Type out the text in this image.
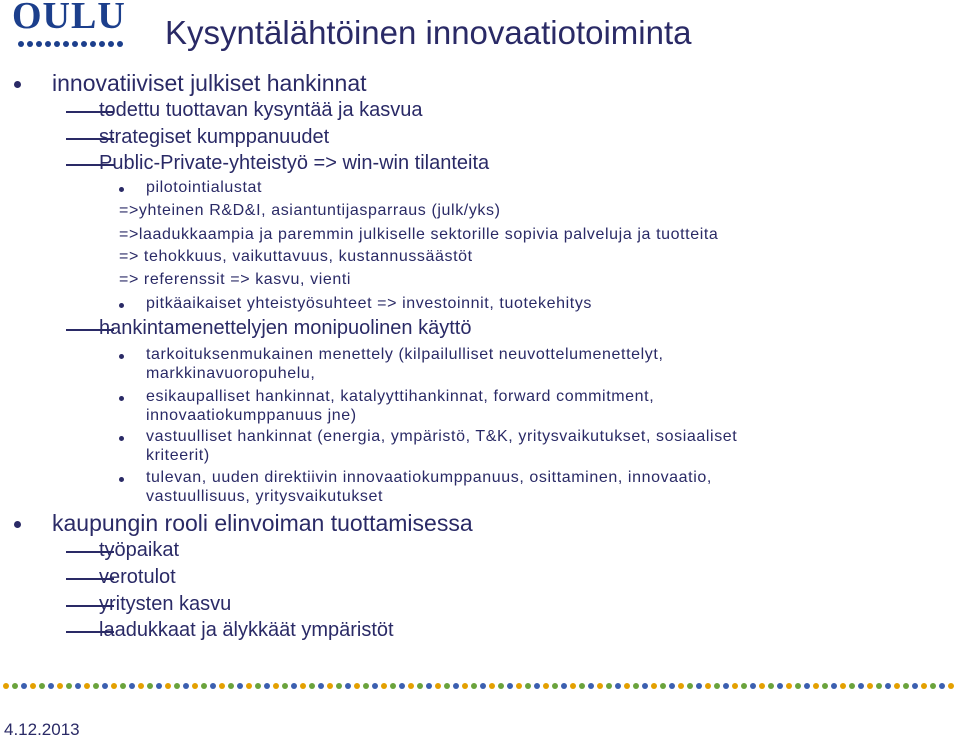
OULU Kysyntälähtöinen innovaatiotoiminta
innovatiiviset julkiset hankinnat
todettu tuottavan kysyntää ja kasvua
strategiset kumppanuudet
Public-Private-yhteistyö => win-win tilanteita
pilotointialustat
=>yhteinen R&D&I, asiantuntijasparraus (julk/yks)
=>laadukkaampia ja paremmin julkiselle sektorille sopivia palveluja ja tuotteita
=> tehokkuus, vaikuttavuus, kustannussäästöt
=> referenssit => kasvu, vienti
pitkäaikaiset yhteistyösuhteet => investoinnit, tuotekehitys
hankintamenettelyjen monipuolinen käyttö
tarkoituksenmukainen menettely (kilpailulliset neuvottelumenettelyt,
markkinavuoropuhelu,
esikaupalliset hankinnat, katalyyttihankinnat, forward commitment,
innovaatiokumppanuus jne)
vastuulliset hankinnat (energia, ympäristö, T&K, yritysvaikutukset, sosiaaliset
kriteerit)
tulevan, uuden direktiivin innovaatiokumppanuus, osittaminen, innovaatio,
vastuullisuus, yritysvaikutukset
kaupungin rooli elinvoiman tuottamisessa
työpaikat
verotulot
yritysten kasvu
laadukkaat ja älykkäät ympäristöt
4.12.2013
